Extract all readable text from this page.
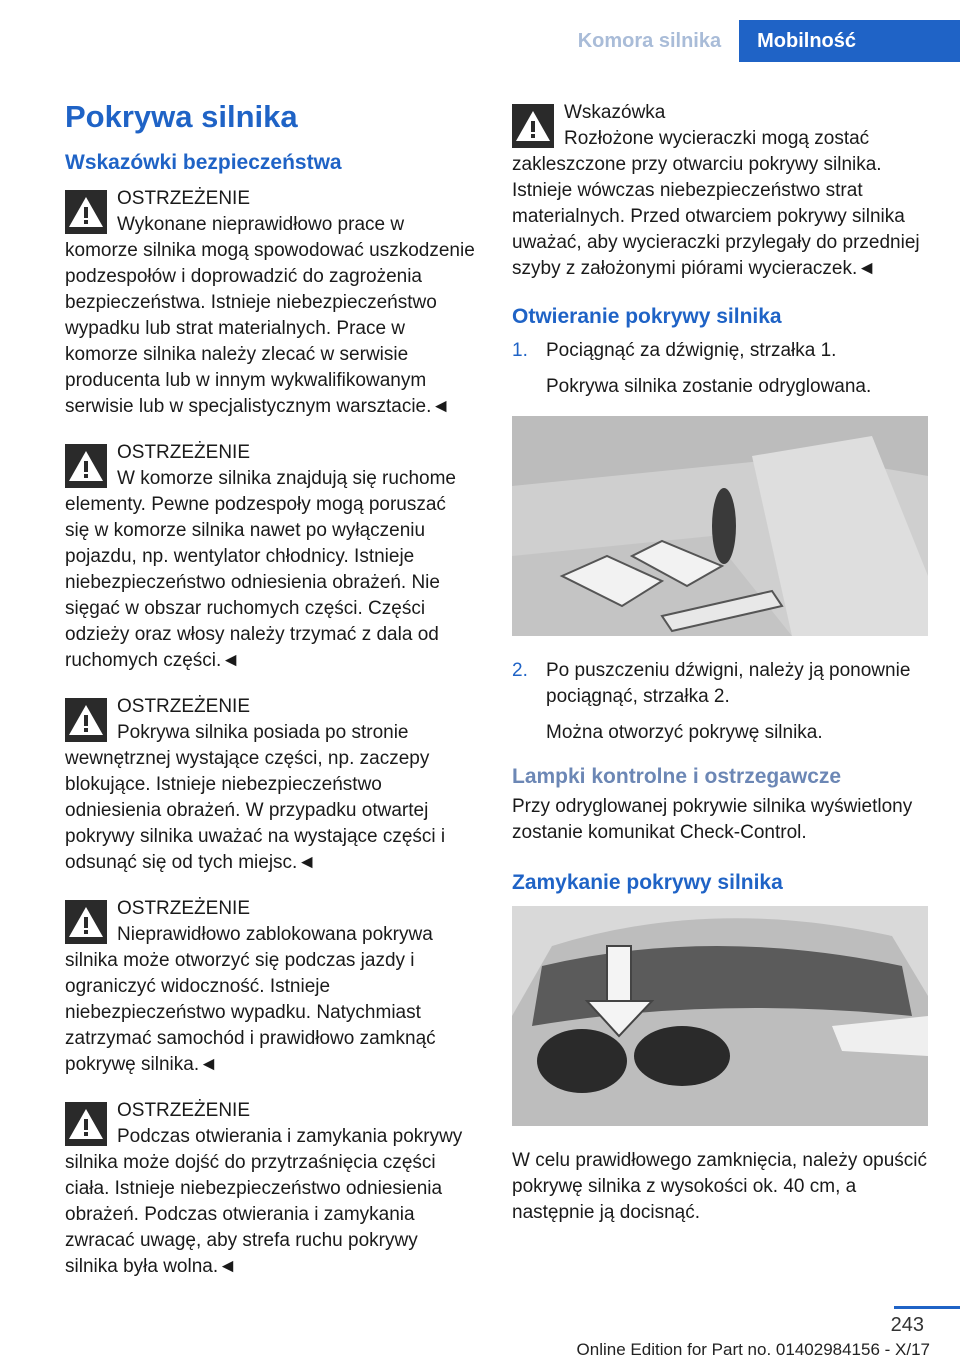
Komora silnika	Mobilność
Pokrywa silnika
Wskazówki bezpieczeństwa
OSTRZEŻENIE
Wykonane nieprawidłowo prace w komorze silnika mogą spowodować uszkodzenie podzespołów i doprowadzić do zagrożenia bezpieczeństwa. Istnieje niebezpieczeństwo wypadku lub strat materialnych. Prace w komorze silnika należy zlecać w serwisie producenta lub w innym wykwalifikowanym serwisie lub w specjalistycznym warsztacie.◄
OSTRZEŻENIE
W komorze silnika znajdują się ruchome elementy. Pewne podzespoły mogą poruszać się w komorze silnika nawet po wyłączeniu pojazdu, np. wentylator chłodnicy. Istnieje niebezpieczeństwo odniesienia obrażeń. Nie sięgać w obszar ruchomych części. Części odzieży oraz włosy należy trzymać z dala od ruchomych części.◄
OSTRZEŻENIE
Pokrywa silnika posiada po stronie wewnętrznej wystające części, np. zaczepy blokujące. Istnieje niebezpieczeństwo odniesienia obrażeń. W przypadku otwartej pokrywy silnika uważać na wystające części i odsunąć się od tych miejsc.◄
OSTRZEŻENIE
Nieprawidłowo zablokowana pokrywa silnika może otworzyć się podczas jazdy i ograniczyć widoczność. Istnieje niebezpieczeństwo wypadku. Natychmiast zatrzymać samochód i prawidłowo zamknąć pokrywę silnika.◄
OSTRZEŻENIE
Podczas otwierania i zamykania pokrywy silnika może dojść do przytrzaśnięcia części ciała. Istnieje niebezpieczeństwo odniesienia obrażeń. Podczas otwierania i zamykania zwracać uwagę, aby strefa ruchu pokrywy silnika była wolna.◄
Wskazówka
Rozłożone wycieraczki mogą zostać zakleszczone przy otwarciu pokrywy silnika. Istnieje wówczas niebezpieczeństwo strat materialnych. Przed otwarciem pokrywy silnika uważać, aby wycieraczki przylegały do przedniej szyby z założonymi piórami wycieraczek.◄
Otwieranie pokrywy silnika
1. Pociągnąć za dźwignię, strzałka 1.
Pokrywa silnika zostanie odryglowana.
2. Po puszczeniu dźwigni, należy ją ponownie pociągnąć, strzałka 2.
Można otworzyć pokrywę silnika.
Lampki kontrolne i ostrzegawcze
Przy odryglowanej pokrywie silnika wyświetlony zostanie komunikat Check-Control.
Zamykanie pokrywy silnika
W celu prawidłowego zamknięcia, należy opuścić pokrywę silnika z wysokości ok. 40 cm, a następnie ją docisnąć.
243
Online Edition for Part no. 01402984156 - X/17
